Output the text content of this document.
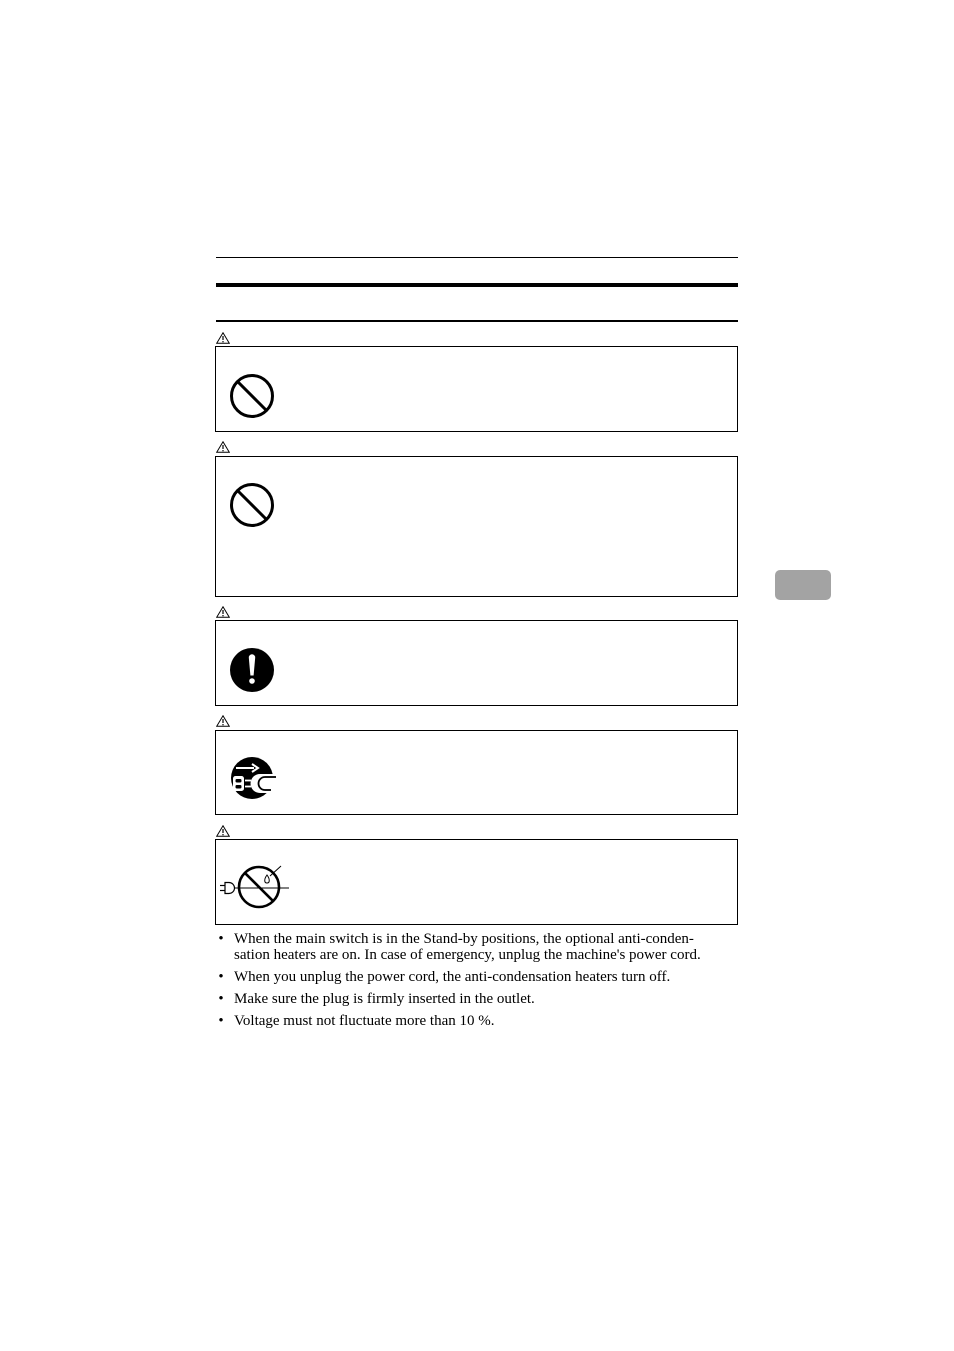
• When the main switch is in the Stand-by positions, the optional anti-conden-
sation heaters are on. In case of emergency, unplug the machine's power cord.
• When you unplug the power cord, the anti-condensation heaters turn off.
• Make sure the plug is firmly inserted in the outlet.
• Voltage must not fluctuate more than 10 %.
